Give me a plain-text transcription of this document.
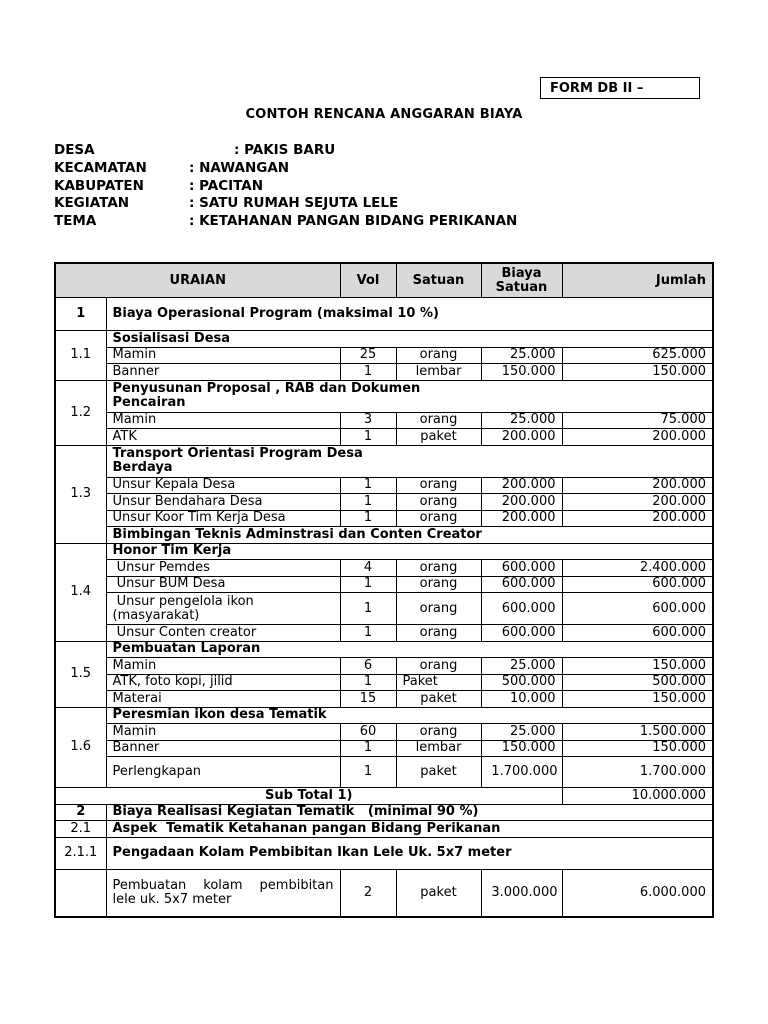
FORM DB II –
CONTOH RENCANA ANGGARAN BIAYA
DESA	: PAKIS BARU
KECAMATAN	: NAWANGAN
KABUPATEN	: PACITAN
KEGIATAN	: SATU RUMAH SEJUTA LELE
TEMA	: KETAHANAN PANGAN BIDANG PERIKANAN
URAIAN		Vol	Satuan	Biaya Satuan	Jumlah
1	Biaya Operasional Program (maksimal 10 %)				
1.1	Sosialisasi Desa				
	Mamin	25	orang	25.000	625.000
	Banner	1	lembar	150.000	150.000
1.2	Penyusunan Proposal , RAB dan Dokumen Pencairan				
	Mamin	3	orang	25.000	75.000
	ATK	1	paket	200.000	200.000
1.3	Transport Orientasi Program Desa Berdaya				
	Unsur Kepala Desa	1	orang	200.000	200.000
	Unsur Bendahara Desa	1	orang	200.000	200.000
	Unsur Koor Tim Kerja Desa	1	orang	200.000	200.000
	Bimbingan Teknis Adminstrasi dan Conten Creator				
1.4	Honor Tim Kerja				
	Unsur Pemdes	4	orang	600.000	2.400.000
	Unsur BUM Desa	1	orang	600.000	600.000
	Unsur pengelola ikon (masyarakat)	1	orang	600.000	600.000
	Unsur Conten creator	1	orang	600.000	600.000
1.5	Pembuatan Laporan				
	Mamin	6	orang	25.000	150.000
	ATK, foto kopi, jilid	1	Paket	500.000	500.000
	Materai	15	paket	10.000	150.000
1.6	Peresmian ikon desa Tematik				
	Mamin	60	orang	25.000	1.500.000
	Banner	1	lembar	150.000	150.000
	Perlengkapan	1	paket	1.700.000	1.700.000
Sub Total 1)					10.000.000
2	Biaya Realisasi Kegiatan Tematik   (minimal 90 %)				
2.1	Aspek  Tematik Ketahanan pangan Bidang Perikanan				
2.1.1	Pengadaan Kolam Pembibitan Ikan Lele Uk. 5x7 meter				
	Pembuatan kolam pembibitan lele uk. 5x7 meter	2	paket	3.000.000	6.000.000
